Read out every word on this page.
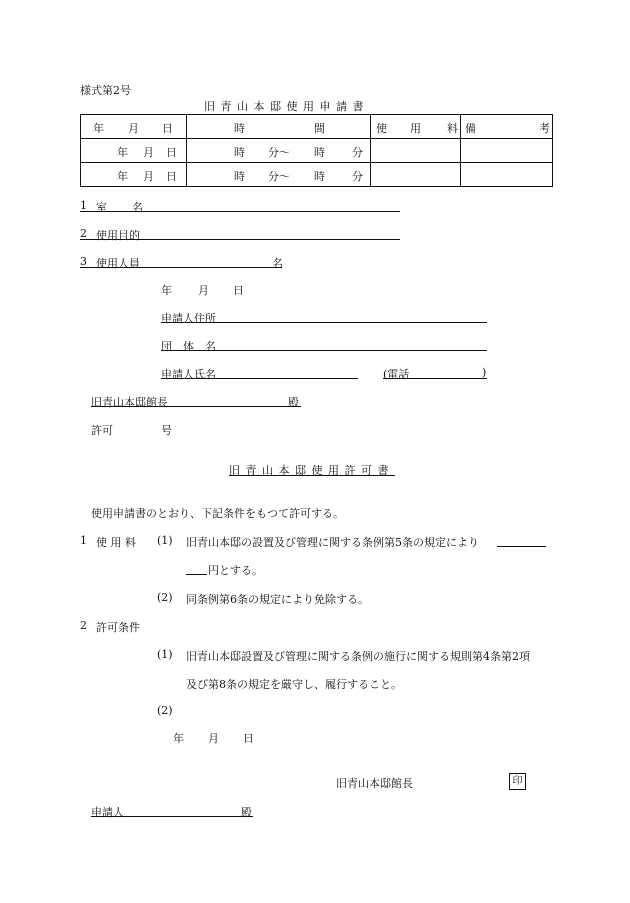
様式第2号
旧 青 山 本 邸 使 用 申 請 書
年 月 日	時 間	使 用 料	備 考

年 月 日	時 分～ 時 分		

年 月 日	時 分～ 時 分		

1 室 名
2 使用目的
3 使用人員	名
年 月 日
申請人住所
団　体　名
申請人氏名	(電話	)
旧青山本邸館長	殿
許可	号
旧 青 山 本 邸 使 用 許 可 書
使用申請書のとおり、下記条件をもつて許可する。
1 使 用 料 (1) 旧青山本邸の設置及び管理に関する条例第5条の規定により
円とする。
(2) 同条例第6条の規定により免除する。
2 許可条件
(1) 旧青山本邸設置及び管理に関する条例の施行に関する規則第4条第2項
及び第8条の規定を厳守し、履行すること。
(2)
年 月 日
旧青山本邸館長	印
申請人	殿
